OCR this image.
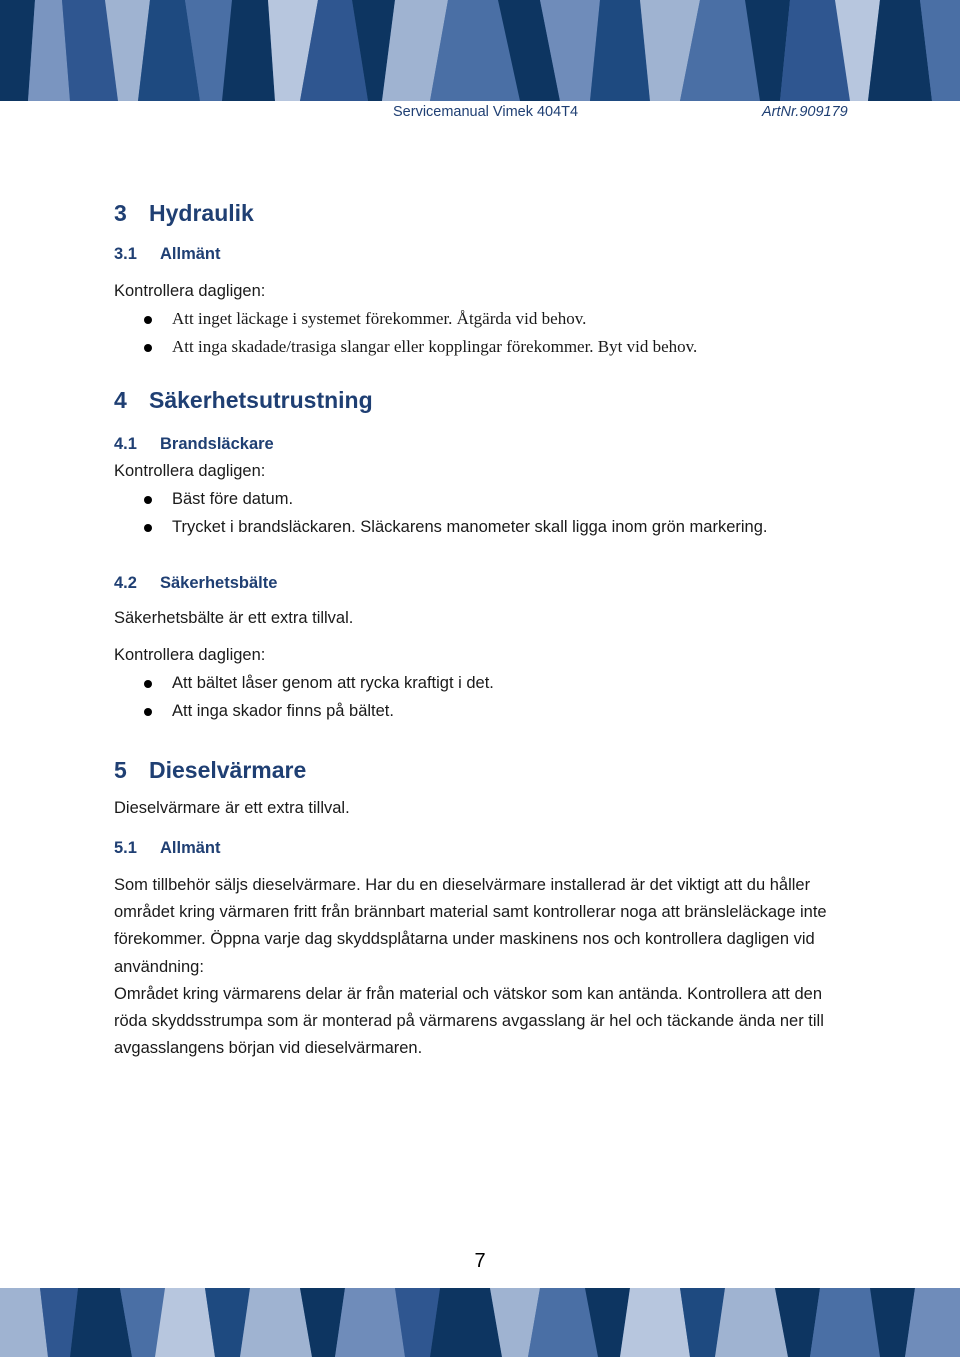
Servicemanual Vimek 404T4	ArtNr.909179
3 Hydraulik
3.1 Allmänt

Kontrollera dagligen:

Att inget läckage i systemet förekommer. Åtgärda vid behov.
Att inga skadade/trasiga slangar eller kopplingar förekommer. Byt vid behov.
4 Säkerhetsutrustning
4.1 Brandsläckare

Kontrollera dagligen:

Bäst före datum.
Trycket i brandsläckaren. Släckarens manometer skall ligga inom grön markering.
4.2 Säkerhetsbälte

Säkerhetsbälte är ett extra tillval.

Kontrollera dagligen:

Att bältet låser genom att rycka kraftigt i det.
Att inga skador finns på bältet.
5 Dieselvärmare

Dieselvärmare är ett extra tillval.

5.1 Allmänt

Som tillbehör säljs dieselvärmare. Har du en dieselvärmare installerad är det viktigt att du håller området kring värmaren fritt från brännbart material samt kontrollerar noga att bränsleläckage inte förekommer. Öppna varje dag skyddsplåtarna under maskinens nos och kontrollera dagligen vid användning:

Området kring värmarens delar är från material och vätskor som kan antända. Kontrollera att den röda skyddsstrumpa som är monterad på värmarens avgasslang är hel och täckande ända ner till avgasslangens början vid dieselvärmaren.

7
